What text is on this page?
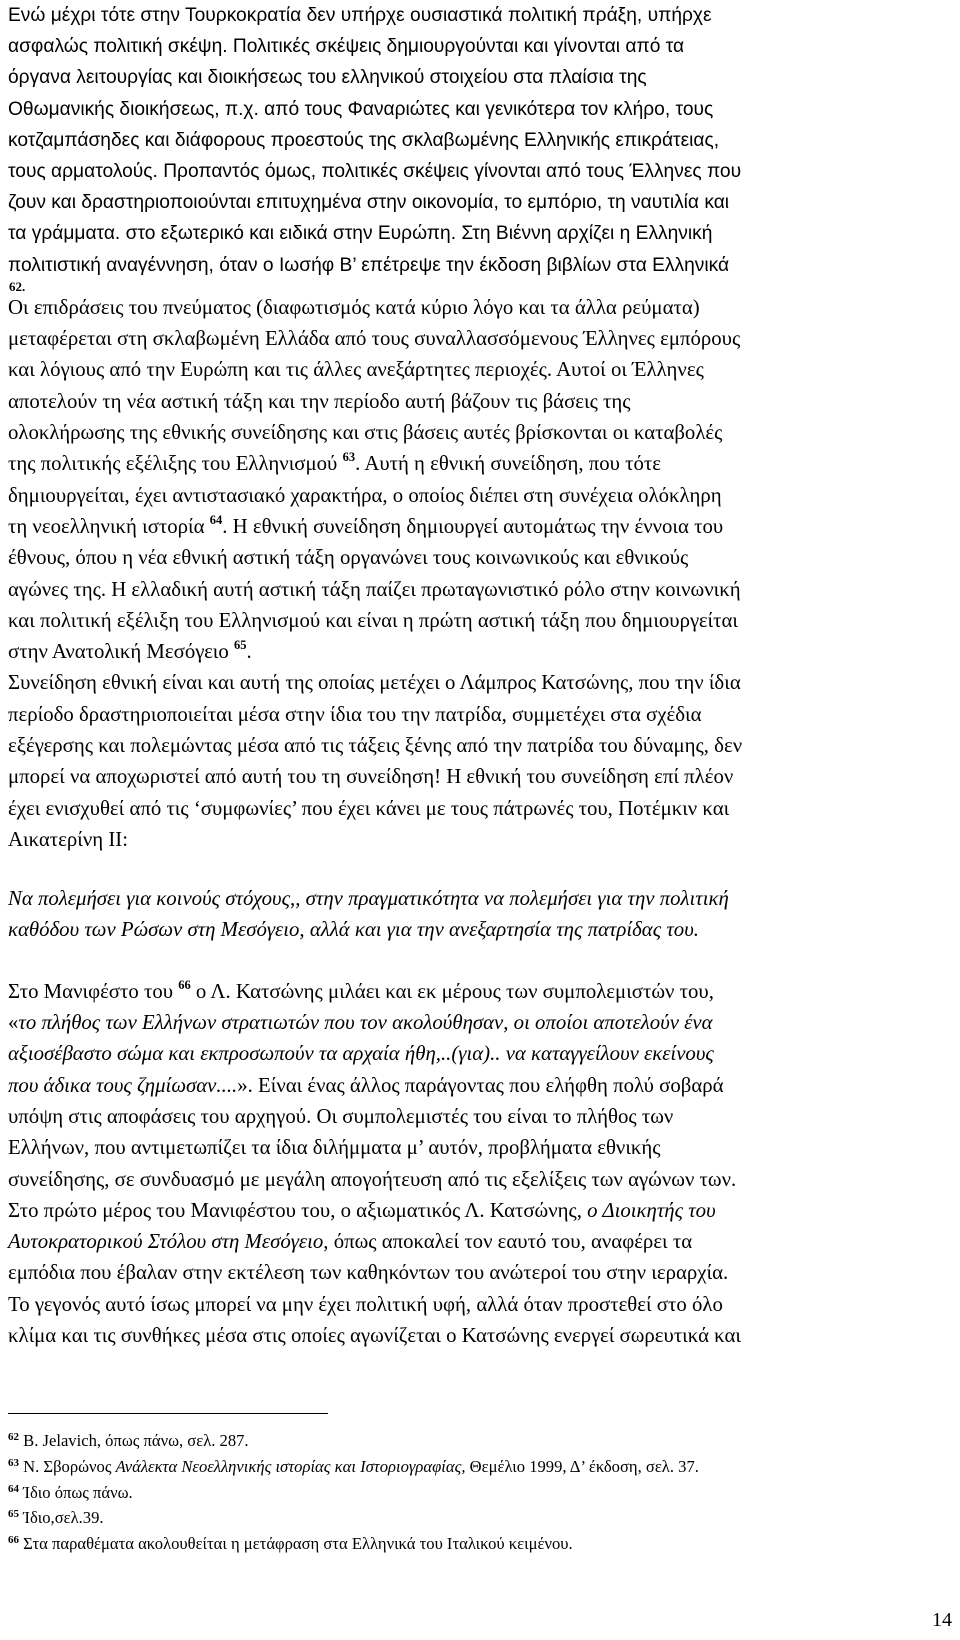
Ενώ μέχρι τότε στην Τουρκοκρατία δεν υπήρχε ουσιαστικά πολιτική πράξη, υπήρχε
ασφαλώς πολιτική σκέψη. Πολιτικές σκέψεις δημιουργούνται και γίνονται από τα
όργανα λειτουργίας και διοικήσεως του ελληνικού στοιχείου στα πλαίσια της
Οθωμανικής διοικήσεως, π.χ. από τους Φαναριώτες και γενικότερα τον κλήρο, τους
κοτζαμπάσηδες και διάφορους προεστούς της σκλαβωμένης Ελληνικής επικράτειας,
τους αρματολούς. Προπαντός όμως, πολιτικές σκέψεις γίνονται από τους Έλληνες που
ζουν και δραστηριοποιούνται επιτυχημένα στην οικονομία, το εμπόριο, τη ναυτιλία και
τα γράμματα. στο εξωτερικό και ειδικά στην Ευρώπη. Στη Βιέννη αρχίζει η Ελληνική
πολιτιστική αναγέννηση, όταν ο Ιωσήφ Β’ επέτρεψε την έκδοση βιβλίων στα Ελληνικά
62.
Οι επιδράσεις του πνεύματος (διαφωτισμός κατά κύριο λόγο και τα άλλα ρεύματα)
μεταφέρεται στη σκλαβωμένη Ελλάδα από τους συναλλασσόμενους Έλληνες εμπόρους
και λόγιους από την Ευρώπη και τις άλλες ανεξάρτητες περιοχές. Αυτοί οι Έλληνες
αποτελούν τη νέα αστική τάξη και την περίοδο αυτή βάζουν τις βάσεις της
ολοκλήρωσης της εθνικής συνείδησης και στις βάσεις αυτές βρίσκονται οι καταβολές
της πολιτικής εξέλιξης του Ελληνισμού $^{63}$. Αυτή η εθνική συνείδηση, που τότε
δημιουργείται, έχει αντιστασιακό χαρακτήρα, ο οποίος διέπει στη συνέχεια ολόκληρη
τη νεοελληνική ιστορία $^{64}$. Η εθνική συνείδηση δημιουργεί αυτομάτως την έννοια του
έθνους, όπου η νέα εθνική αστική τάξη οργανώνει τους κοινωνικούς και εθνικούς
αγώνες της. Η ελλαδική αυτή αστική τάξη παίζει πρωταγωνιστικό ρόλο στην κοινωνική
και πολιτική εξέλιξη του Ελληνισμού και είναι η πρώτη αστική τάξη που δημιουργείται
στην Ανατολική Μεσόγειο $^{65}$.
Συνείδηση εθνική είναι και αυτή της οποίας μετέχει ο Λάμπρος Κατσώνης, που την ίδια
περίοδο δραστηριοποιείται μέσα στην ίδια του την πατρίδα, συμμετέχει στα σχέδια
εξέγερσης και πολεμώντας μέσα από τις τάξεις ξένης από την πατρίδα του δύναμης, δεν
μπορεί να αποχωριστεί από αυτή του τη συνείδηση! Η εθνική του συνείδηση επί πλέον
έχει ενισχυθεί από τις ‘συμφωνίες’ που έχει κάνει με τους πάτρωνές του, Ποτέμκιν και
Αικατερίνη ΙΙ:
Να πολεμήσει για κοινούς στόχους,, στην πραγματικότητα να πολεμήσει για την πολιτική
καθόδου των Ρώσων στη Μεσόγειο, αλλά και για την ανεξαρτησία της πατρίδας του.
Στο Μανιφέστο του $^{66}$ ο Λ. Κατσώνης μιλάει και εκ μέρους των συμπολεμιστών του,
«το πλήθος των Ελλήνων στρατιωτών που τον ακολούθησαν, οι οποίοι αποτελούν ένα
αξιοσέβαστο σώμα και εκπροσωπούν τα αρχαία ήθη,..(για).. να καταγγείλουν εκείνους
που άδικα τους ζημίωσαν....». Είναι ένας άλλος παράγοντας που ελήφθη πολύ σοβαρά
υπόψη στις αποφάσεις του αρχηγού. Οι συμπολεμιστές του είναι το πλήθος των
Ελλήνων, που αντιμετωπίζει τα ίδια διλήμματα μ’ αυτόν, προβλήματα εθνικής
συνείδησης, σε συνδυασμό με μεγάλη απογοήτευση από τις εξελίξεις των αγώνων των.
Στο πρώτο μέρος του Μανιφέστου του, ο αξιωματικός Λ. Κατσώνης, ο Διοικητής του
Αυτοκρατορικού Στόλου στη Μεσόγειο, όπως αποκαλεί τον εαυτό του, αναφέρει τα
εμπόδια που έβαλαν στην εκτέλεση των καθηκόντων του ανώτεροί του στην ιεραρχία.
Το γεγονός αυτό ίσως μπορεί να μην έχει πολιτική υφή, αλλά όταν προστεθεί στο όλο
κλίμα και τις συνθήκες μέσα στις οποίες αγωνίζεται ο Κατσώνης ενεργεί σωρευτικά και
$^{62}$ B. Jelavich, όπως πάνω, σελ. 287.
$^{63}$ Ν. Σβορώνος Ανάλεκτα Νεοελληνικής ιστορίας και Ιστοριογραφίας, Θεμέλιο 1999, Δ’ έκδοση, σελ. 37.
$^{64}$ Ίδιο όπως πάνω.
$^{65}$ Ίδιο,σελ.39.
$^{66}$ Στα παραθέματα ακολουθείται η μετάφραση στα Ελληνικά του Ιταλικού κειμένου.
14
